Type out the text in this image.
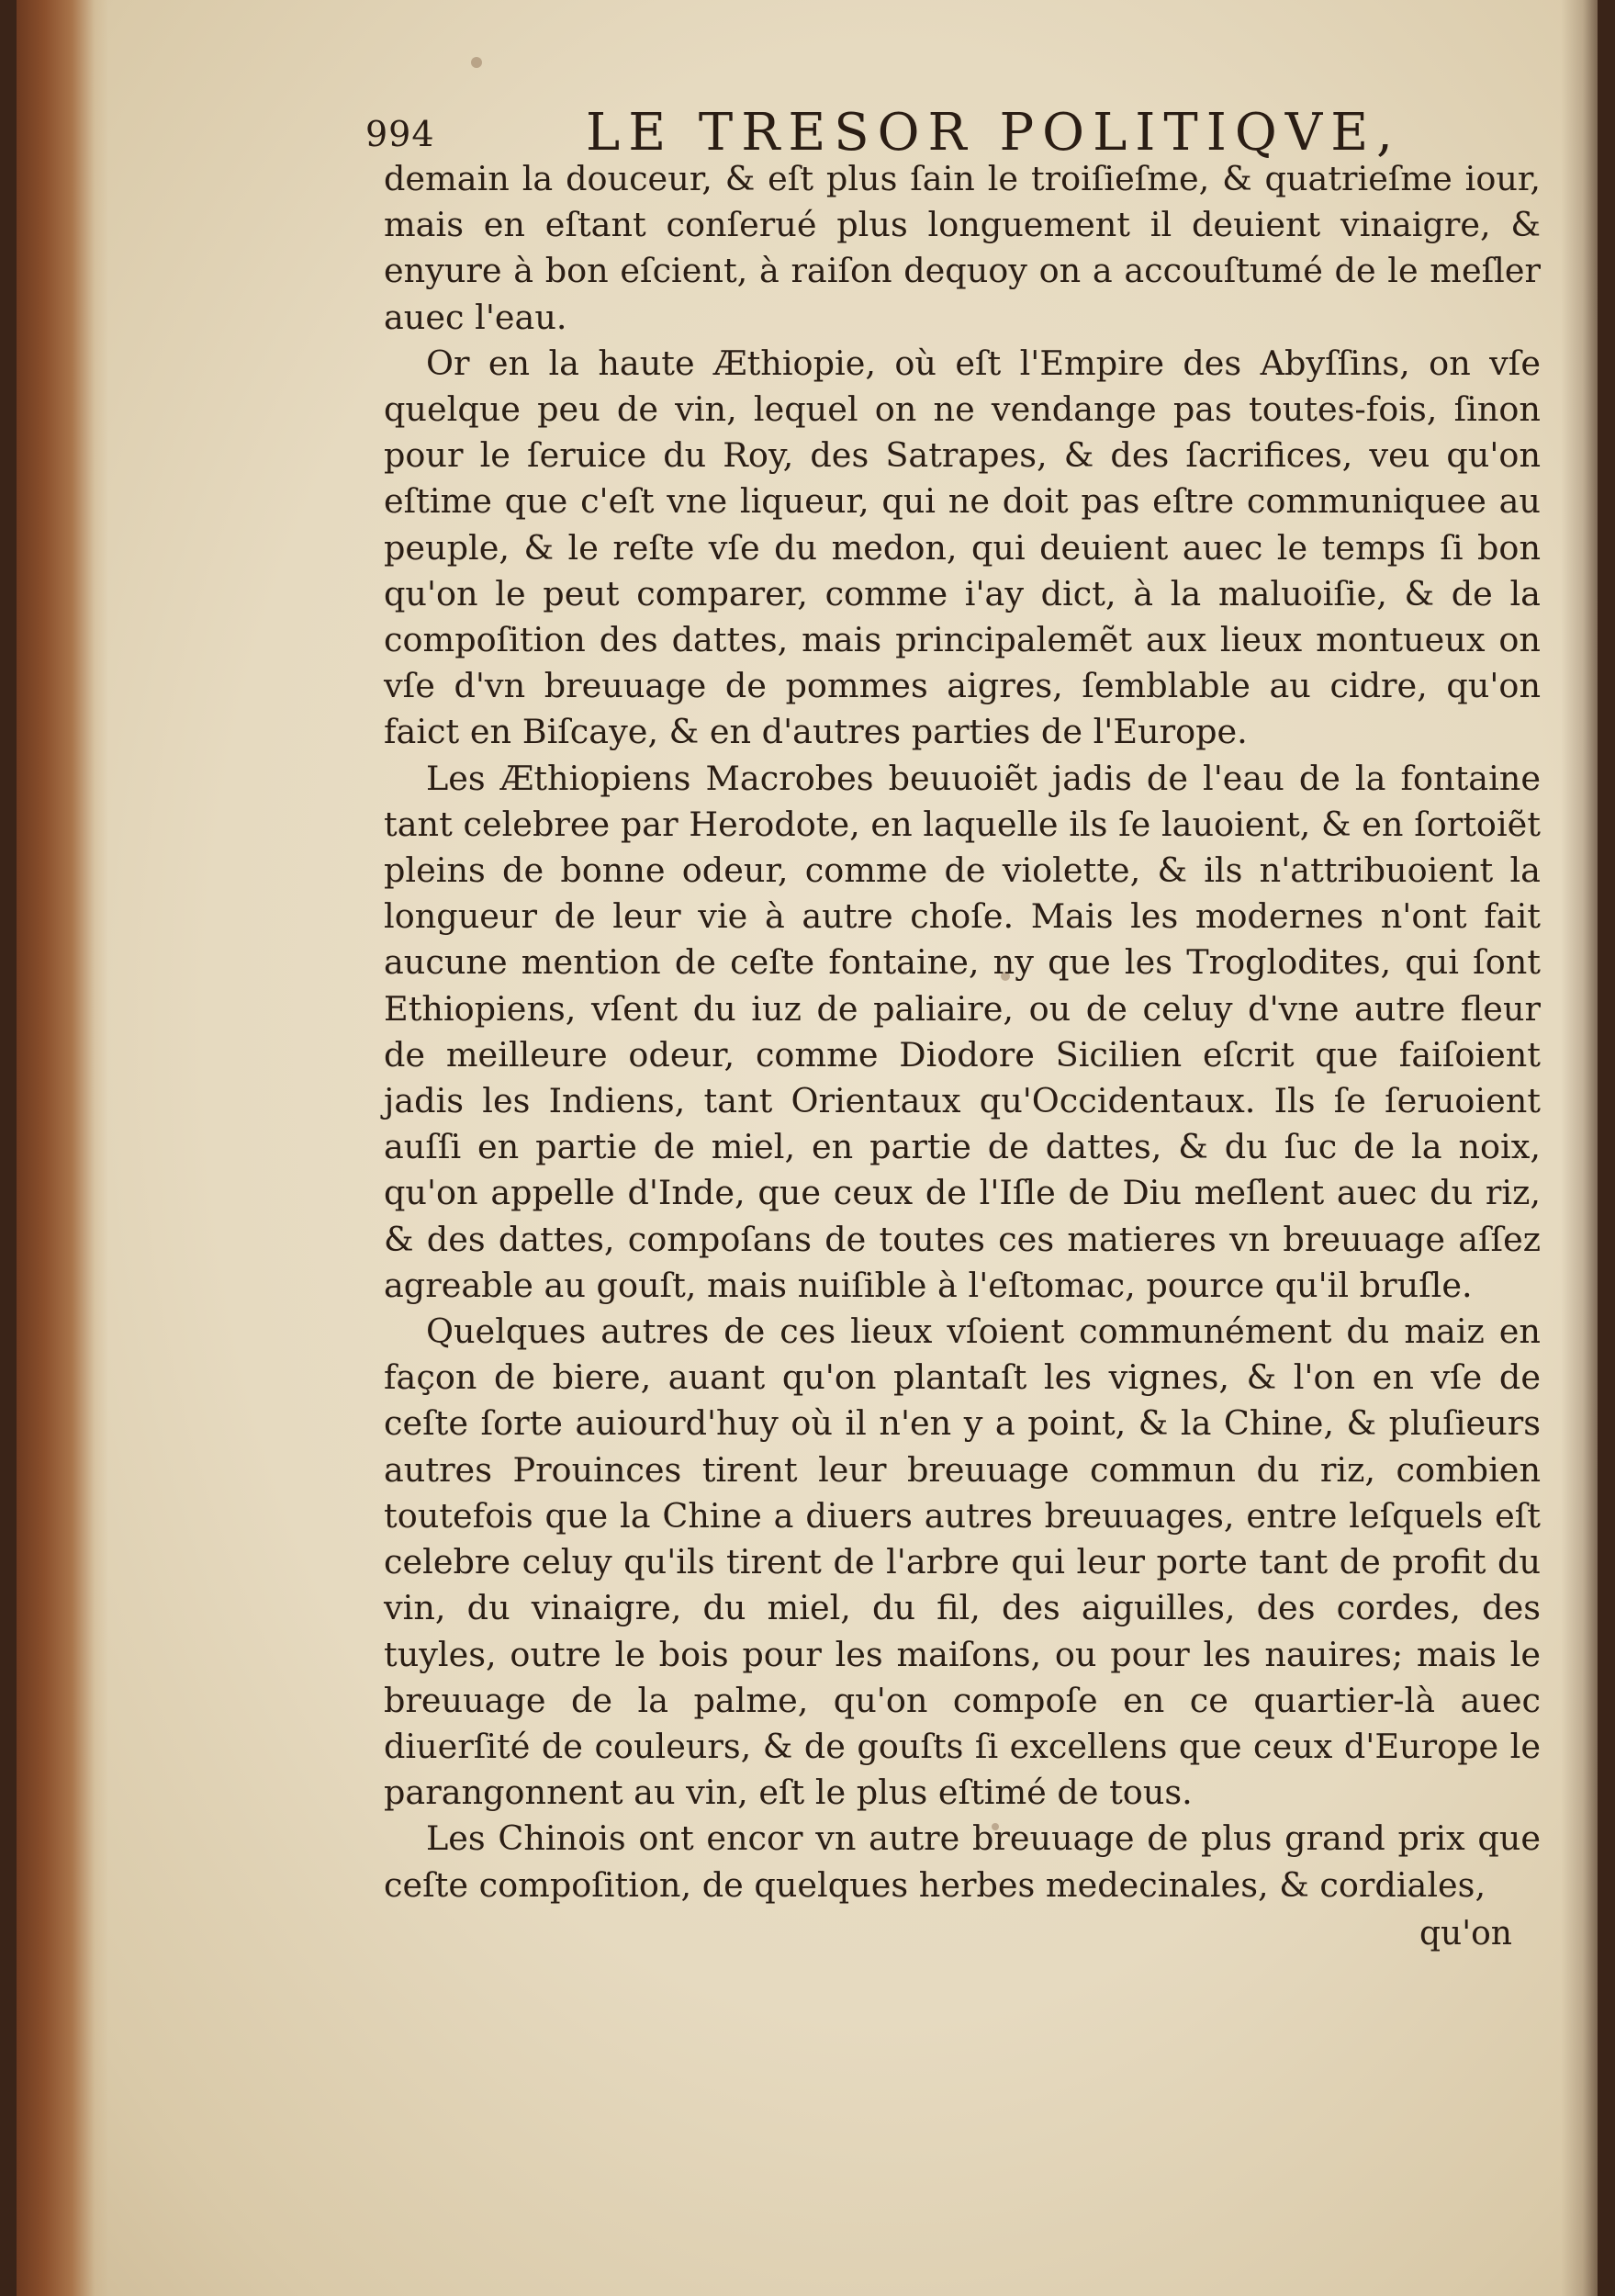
994	LE TRESOR POLITIQVE,

demain la douceur, & eſt plus ſain le troiſieſme, & quatrieſme iour, mais en eſtant conſerué plus longuement il deuient vinaigre, & enyure à bon eſcient, à raiſon dequoy on a accouſtumé de le meſler auec l'eau.

Or en la haute Æthiopie, où eſt l'Empire des Abyſſins, on vſe quelque peu de vin, lequel on ne vendange pas toutes-fois, ſinon pour le ſeruice du Roy, des Satrapes, & des ſacrifices, veu qu'on eſtime que c'eſt vne liqueur, qui ne doit pas eſtre communiquee au peuple, & le reſte vſe du medon, qui deuient auec le temps ſi bon qu'on le peut comparer, comme i'ay dict, à la maluoiſie, & de la compoſition des dattes, mais principalemẽt aux lieux montueux on vſe d'vn breuuage de pommes aigres, ſemblable au cidre, qu'on faict en Biſcaye, & en d'autres parties de l'Europe.

Les Æthiopiens Macrobes beuuoiẽt jadis de l'eau de la fontaine tant celebree par Herodote, en laquelle ils ſe lauoient, & en ſortoiẽt pleins de bonne odeur, comme de violette, & ils n'attribuoient la longueur de leur vie à autre choſe. Mais les modernes n'ont fait aucune mention de ceſte fontaine, ny que les Troglodites, qui ſont Ethiopiens, vſent du iuz de paliaire, ou de celuy d'vne autre fleur de meilleure odeur, comme Diodore Sicilien eſcrit que faiſoient jadis les Indiens, tant Orientaux qu'Occidentaux. Ils ſe ſeruoient auſſi en partie de miel, en partie de dattes, & du ſuc de la noix, qu'on appelle d'Inde, que ceux de l'Iſle de Diu meſlent auec du riz, & des dattes, compoſans de toutes ces matieres vn breuuage aſſez agreable au gouſt, mais nuiſible à l'eſtomac, pource qu'il bruſle.

Quelques autres de ces lieux vſoient communément du maiz en façon de biere, auant qu'on plantaſt les vignes, & l'on en vſe de ceſte ſorte auiourd'huy où il n'en y a point, & la Chine, & pluſieurs autres Prouinces tirent leur breuuage commun du riz, combien toutefois que la Chine a diuers autres breuuages, entre leſquels eſt celebre celuy qu'ils tirent de l'arbre qui leur porte tant de profit du vin, du vinaigre, du miel, du fil, des aiguilles, des cordes, des tuyles, outre le bois pour les maiſons, ou pour les nauires; mais le breuuage de la palme, qu'on compoſe en ce quartier-là auec diuerſité de couleurs, & de gouſts ſi excellens que ceux d'Europe le parangonnent au vin, eſt le plus eſtimé de tous.

Les Chinois ont encor vn autre breuuage de plus grand prix que ceſte compoſition, de quelques herbes medecinales, & cordiales,

qu'on
